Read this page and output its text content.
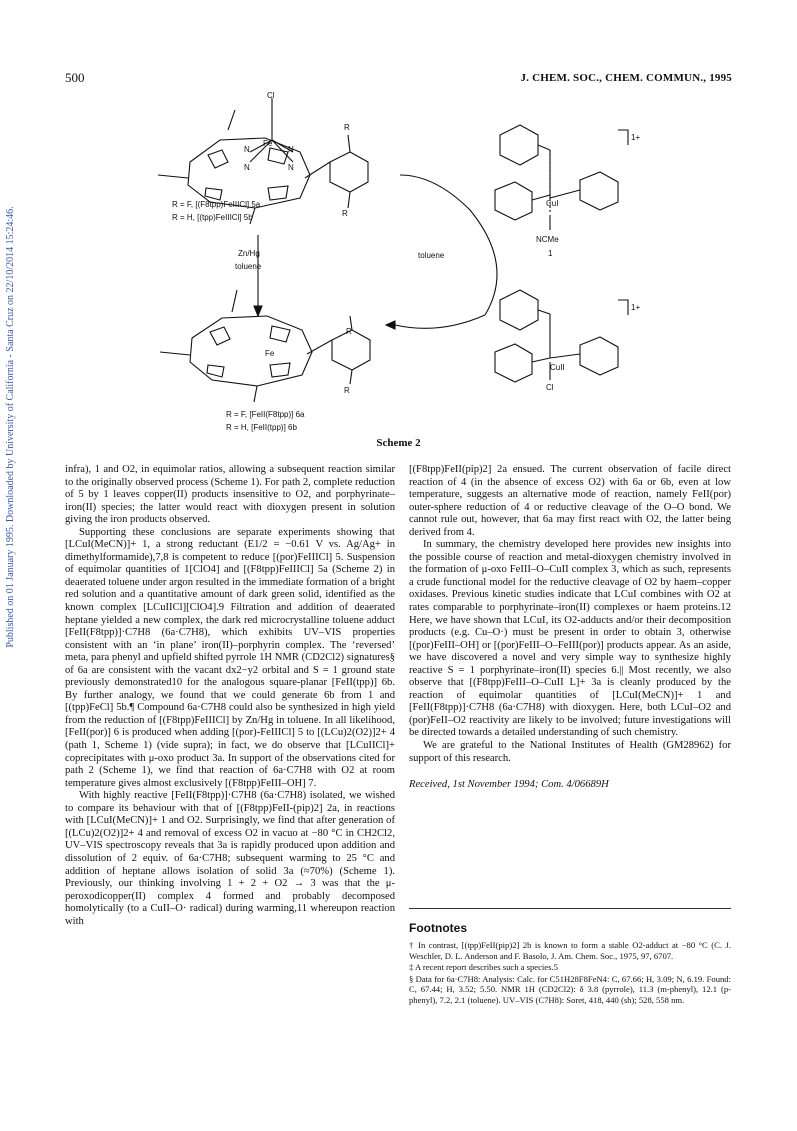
500	J. CHEM. SOC., CHEM. COMMUN., 1995
Published on 01 January 1995. Downloaded by University of California - Santa Cruz on 22/10/2014 15:24:46.
Cl
Fe
N	N
N	N
R
R
R = F, [(F8tpp)FeIIICl] 5a
R = H, [(tpp)FeIIICl] 5b
Zn/Hg
toluene
toluene
Fe
R
R
R = F, [FeII(F8tpp)] 6a
R = H, [FeII(tpp)] 6b
CuI
NCMe
1
1+
CuII
Cl
1+
Scheme 2

infra), 1 and O2, in equimolar ratios, allowing a subsequent reaction similar to the originally observed process (Scheme 1). For path 2, complete reduction of 5 by 1 leaves copper(II) products insensitive to O2, and porphyrinate–iron(II) species; the latter would react with dioxygen present in solution giving the iron products observed.

Supporting these conclusions are separate experiments showing that [LCuI(MeCN)]+ 1, a strong reductant (E1/2 = −0.61 V vs. Ag/Ag+ in dimethylformamide),7,8 is competent to reduce [(por)FeIIICl] 5. Suspension of equimolar quantities of 1[ClO4] and [(F8tpp)FeIIICl] 5a (Scheme 2) in deaerated toluene under argon resulted in the immediate formation of a bright red solution and a quantitative amount of dark green solid, identified as the known complex [LCuIICl][ClO4].9 Filtration and addition of deaerated heptane yielded a new complex, the dark red microcrystalline toluene adduct [FeII(F8tpp)]·C7H8 (6a·C7H8), which exhibits UV–VIS properties consistent with an ‘in plane’ iron(II)–porphyrin complex. The ‘reversed’ meta, para phenyl and upfield shifted pyrrole 1H NMR (CD2Cl2) signatures§ of 6a are consistent with the vacant dx2−y2 orbital and S = 1 ground state previously demonstrated10 for the analogous square-planar [FeII(tpp)] 6b. By further analogy, we found that we could generate 6b from 1 and [(tpp)FeCl] 5b.¶ Compound 6a·C7H8 could also be synthesized in high yield from the reduction of [(F8tpp)FeIIICl] by Zn/Hg in toluene. In all likelihood, [FeII(por)] 6 is produced when adding [(por)-FeIIICl] 5 to [(LCu)2(O2)]2+ 4 (path 1, Scheme 1) (vide supra); in fact, we do observe that [LCuIICl]+ coprecipitates with μ-oxo product 3a. In support of the observations cited for path 2 (Scheme 1), we find that reaction of 6a·C7H8 with O2 at room temperature gives almost exclusively [(F8tpp)FeIII–OH] 7.

With highly reactive [FeII(F8tpp)]·C7H8 (6a·C7H8) isolated, we wished to compare its behaviour with that of [(F8tpp)FeII-(pip)2] 2a, in reactions with [LCuI(MeCN)]+ 1 and O2. Surprisingly, we find that after generation of [(LCu)2(O2)]2+ 4 and removal of excess O2 in vacuo at −80 °C in CH2Cl2, UV–VIS spectroscopy reveals that 3a is rapidly produced upon addition and dissolution of 2 equiv. of 6a·C7H8; subsequent warming to 25 °C and addition of heptane allows isolation of solid 3a (≈70%) (Scheme 1). Previously, our thinking involving 1 + 2 + O2 → 3 was that the μ-peroxodicopper(II) complex 4 formed and probably decomposed homolytically (to a CuII–O· radical) during warming,11 whereupon reaction with

[(F8tpp)FeII(pip)2] 2a ensued. The current observation of facile direct reaction of 4 (in the absence of excess O2) with 6a or 6b, even at low temperature, suggests an alternative mode of reaction, namely FeII(por) outer-sphere reduction of 4 or reductive cleavage of the O–O bond. We cannot rule out, however, that 6a may first react with O2, the latter being derived from 4.

In summary, the chemistry developed here provides new insights into the possible course of reaction and metal-dioxygen chemistry involved in the formation of μ-oxo FeIII–O–CuII complex 3, which as such, represents a crude functional model for the reductive cleavage of O2 by haem–copper oxidases. Previous kinetic studies indicate that LCuI combines with O2 at rates comparable to porphyrinate–iron(II) complexes or haem proteins.12 Here, we have shown that LCuI, its O2-adducts and/or their decomposition products (e.g. Cu–O·) must be present in order to obtain 3, otherwise [(por)FeIII–OH] or [(por)FeIII–O–FeIII(por)] products appear. As an aside, we have discovered a novel and very simple way to synthesize highly reactive S = 1 porphyrinate–iron(II) species 6.|| Most recently, we also observe that [(F8tpp)FeIII–O–CuII L]+ 3a is cleanly produced by the reaction of equimolar quantities of [LCuI(MeCN)]+ 1 and [FeII(F8tpp)]·C7H8 (6a·C7H8) with dioxygen. Here, both LCuI–O2 and (por)FeII–O2 reactivity are likely to be involved; future investigations will be directed towards a detailed understanding of such chemistry.

We are grateful to the National Institutes of Health (GM28962) for support of this research.

Received, 1st November 1994; Com. 4/06689H

Footnotes

† In contrast, [(tpp)FeII(pip)2] 2b is known to form a stable O2-adduct at −80 °C (C. J. Weschler, D. L. Anderson and F. Basolo, J. Am. Chem. Soc., 1975, 97, 6707.

‡ A recent report describes such a species.5

§ Data for 6a·C7H8: Analysis: Calc. for C51H28F8FeN4: C, 67.66; H, 3.09; N, 6.19. Found: C, 67.44; H, 3.52; 5.50. NMR 1H (CD2Cl2): δ 3.8 (pyrrole), 11.3 (m-phenyl), 12.1 (p-phenyl), 7.2, 2.1 (toluene). UV–VIS (C7H8): Soret, 418, 440 (sh); 528, 558 nm.
